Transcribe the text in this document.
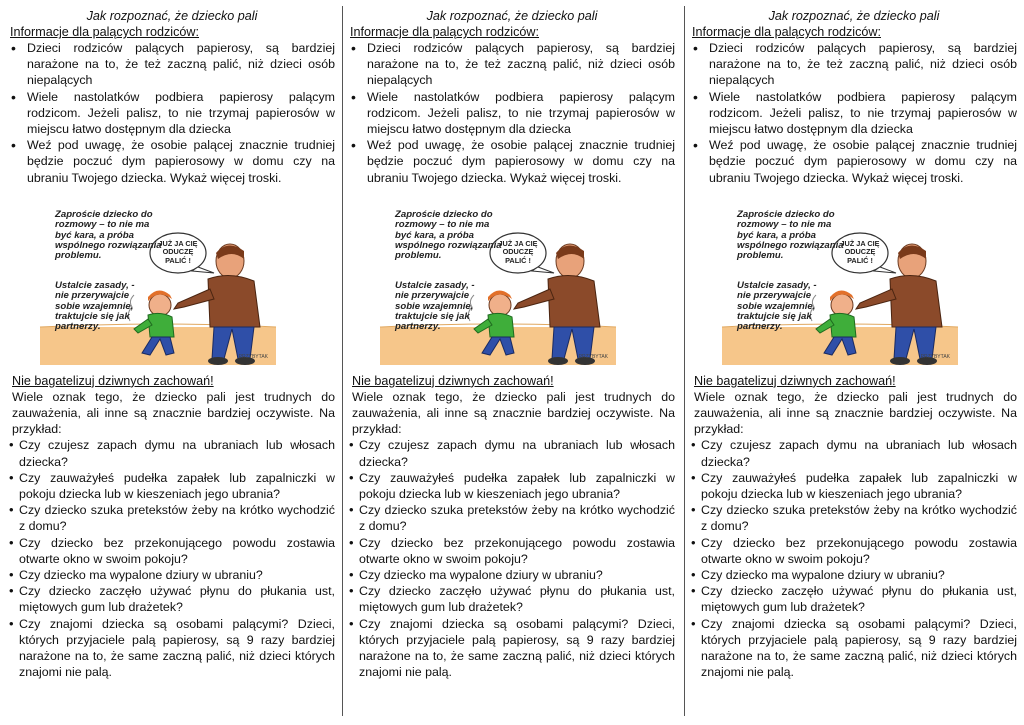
Jak rozpoznać, że dziecko pali
Informacje dla palących rodziców:
• Dzieci rodziców palących papierosy, są bardziej narażone na to, że też zaczną palić, niż dzieci osób niepalących
• Wiele nastolatków podbiera papierosy palącym rodzicom. Jeżeli palisz, to nie trzymaj papierosów w miejscu łatwo dostępnym dla dziecka
• Weź pod uwagę, że osobie palącej znacznie trudniej będzie poczuć dym papierosowy w domu czy na ubraniu Twojego dziecka. Wykaż więcej troski.
Zaproście dziecko do rozmowy – to nie ma być kara, a próba wspólnego rozwiązania problemu.
Ustalcie zasady, - nie przerywajcie sobie wzajemnie, traktujcie się jak partnerzy.
JUŻ JA CIĘ ODUCZĘ PALIĆ !
PRZYBYTAK
Nie bagatelizuj dziwnych zachowań!
Wiele oznak tego, że dziecko pali jest trudnych do zauważenia, ali inne są znacznie bardziej oczywiste. Na przykład:
• Czy czujesz zapach dymu na ubraniach lub włosach dziecka?
• Czy zauważyłeś pudełka zapałek lub zapalniczki w pokoju dziecka lub w kieszeniach jego ubrania?
• Czy dziecko szuka pretekstów żeby na krótko wychodzić z domu?
• Czy dziecko bez przekonującego powodu zostawia otwarte okno w swoim pokoju?
• Czy dziecko ma wypalone dziury w ubraniu?
• Czy dziecko zaczęło używać płynu do płukania ust, miętowych gum lub drażetek?
• Czy znajomi dziecka są osobami palącymi? Dzieci, których przyjaciele palą papierosy, są 9 razy bardziej narażone na to, że same zaczną palić, niż dzieci których znajomi nie palą.
Jak rozpoznać, że dziecko pali
Informacje dla palących rodziców:
• Dzieci rodziców palących papierosy, są bardziej narażone na to, że też zaczną palić, niż dzieci osób niepalących
• Wiele nastolatków podbiera papierosy palącym rodzicom. Jeżeli palisz, to nie trzymaj papierosów w miejscu łatwo dostępnym dla dziecka
• Weź pod uwagę, że osobie palącej znacznie trudniej będzie poczuć dym papierosowy w domu czy na ubraniu Twojego dziecka. Wykaż więcej troski.
Zaproście dziecko do rozmowy – to nie ma być kara, a próba wspólnego rozwiązania problemu.
Ustalcie zasady, - nie przerywajcie sobie wzajemnie, traktujcie się jak partnerzy.
JUŻ JA CIĘ ODUCZĘ PALIĆ !
PRZYBYTAK
Nie bagatelizuj dziwnych zachowań!
Wiele oznak tego, że dziecko pali jest trudnych do zauważenia, ali inne są znacznie bardziej oczywiste. Na przykład:
• Czy czujesz zapach dymu na ubraniach lub włosach dziecka?
• Czy zauważyłeś pudełka zapałek lub zapalniczki w pokoju dziecka lub w kieszeniach jego ubrania?
• Czy dziecko szuka pretekstów żeby na krótko wychodzić z domu?
• Czy dziecko bez przekonującego powodu zostawia otwarte okno w swoim pokoju?
• Czy dziecko ma wypalone dziury w ubraniu?
• Czy dziecko zaczęło używać płynu do płukania ust, miętowych gum lub drażetek?
• Czy znajomi dziecka są osobami palącymi? Dzieci, których przyjaciele palą papierosy, są 9 razy bardziej narażone na to, że same zaczną palić, niż dzieci których znajomi nie palą.
Jak rozpoznać, że dziecko pali
Informacje dla palących rodziców:
• Dzieci rodziców palących papierosy, są bardziej narażone na to, że też zaczną palić, niż dzieci osób niepalących
• Wiele nastolatków podbiera papierosy palącym rodzicom. Jeżeli palisz, to nie trzymaj papierosów w miejscu łatwo dostępnym dla dziecka
• Weź pod uwagę, że osobie palącej znacznie trudniej będzie poczuć dym papierosowy w domu czy na ubraniu Twojego dziecka. Wykaż więcej troski.
Zaproście dziecko do rozmowy – to nie ma być kara, a próba wspólnego rozwiązania problemu.
Ustalcie zasady, - nie przerywajcie sobie wzajemnie, traktujcie się jak partnerzy.
JUŻ JA CIĘ ODUCZĘ PALIĆ !
PRZYBYTAK
Nie bagatelizuj dziwnych zachowań!
Wiele oznak tego, że dziecko pali jest trudnych do zauważenia, ali inne są znacznie bardziej oczywiste. Na przykład:
• Czy czujesz zapach dymu na ubraniach lub włosach dziecka?
• Czy zauważyłeś pudełka zapałek lub zapalniczki w pokoju dziecka lub w kieszeniach jego ubrania?
• Czy dziecko szuka pretekstów żeby na krótko wychodzić z domu?
• Czy dziecko bez przekonującego powodu zostawia otwarte okno w swoim pokoju?
• Czy dziecko ma wypalone dziury w ubraniu?
• Czy dziecko zaczęło używać płynu do płukania ust, miętowych gum lub drażetek?
• Czy znajomi dziecka są osobami palącymi? Dzieci, których przyjaciele palą papierosy, są 9 razy bardziej narażone na to, że same zaczną palić, niż dzieci których znajomi nie palą.
